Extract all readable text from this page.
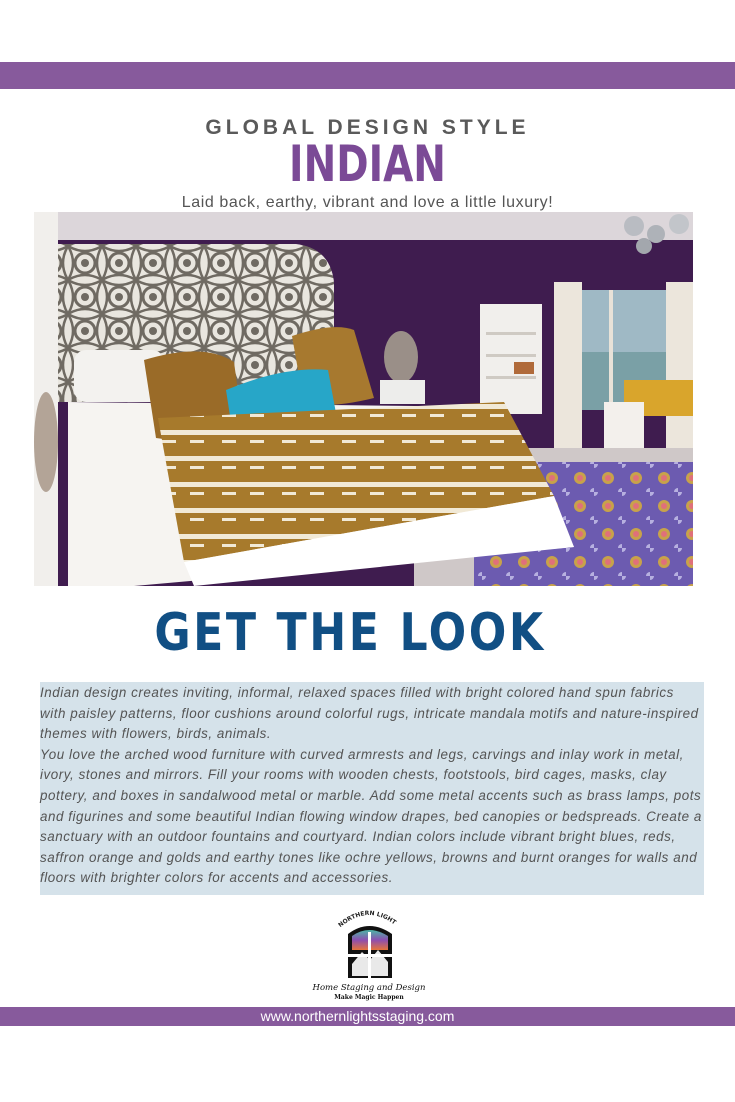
GLOBAL DESIGN STYLE
INDIAN
Laid back, earthy, vibrant and love a little luxury!
GET THE LOOK

Indian design creates inviting, informal, relaxed spaces filled with bright colored hand spun fabrics with paisley patterns, floor cushions around colorful rugs, intricate mandala motifs and nature-inspired themes with flowers, birds, animals.

You love the arched wood furniture with curved armrests and legs, carvings and inlay work in metal, ivory, stones and mirrors. Fill your rooms with wooden chests, footstools, bird cages, masks, clay pottery, and boxes in sandalwood metal or marble. Add some metal accents such as brass lamps, pots and figurines and some beautiful Indian flowing window drapes, bed canopies or bedspreads. Create a sanctuary with an outdoor fountains and courtyard. Indian colors include vibrant bright blues, reds, saffron orange and golds and earthy tones like ochre yellows, browns and burnt oranges for walls and floors with brighter colors for accents and accessories.

NORTHERN LIGHT
Home Staging and Design
Make Magic Happen
www.northernlightsstaging.com
